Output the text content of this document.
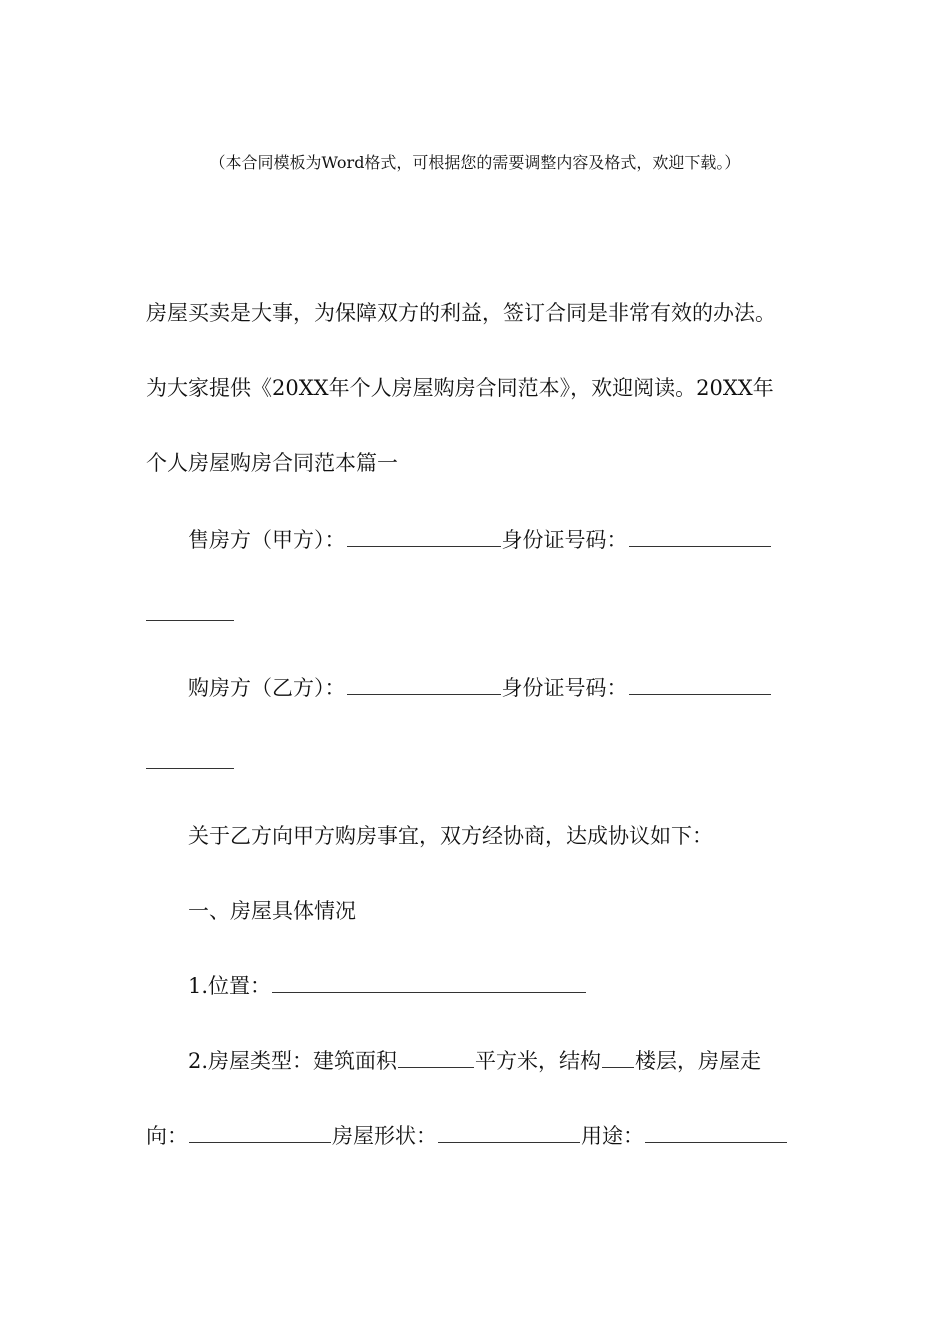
（本合同模板为Word格式，可根据您的需要调整内容及格式，欢迎下载。）
房屋买卖是大事，为保障双方的利益，签订合同是非常有效的办法。
为大家提供《20XX年个人房屋购房合同范本》，欢迎阅读。20XX年
个人房屋购房合同范本篇一
售房方（甲方）：	身份证号码：
购房方（乙方）：	身份证号码：
关于乙方向甲方购房事宜，双方经协商，达成协议如下：
一、房屋具体情况
1.位置：
2.房屋类型：建筑面积	平方米，结构 楼层，房屋走
向：	房屋形状：	用途：
